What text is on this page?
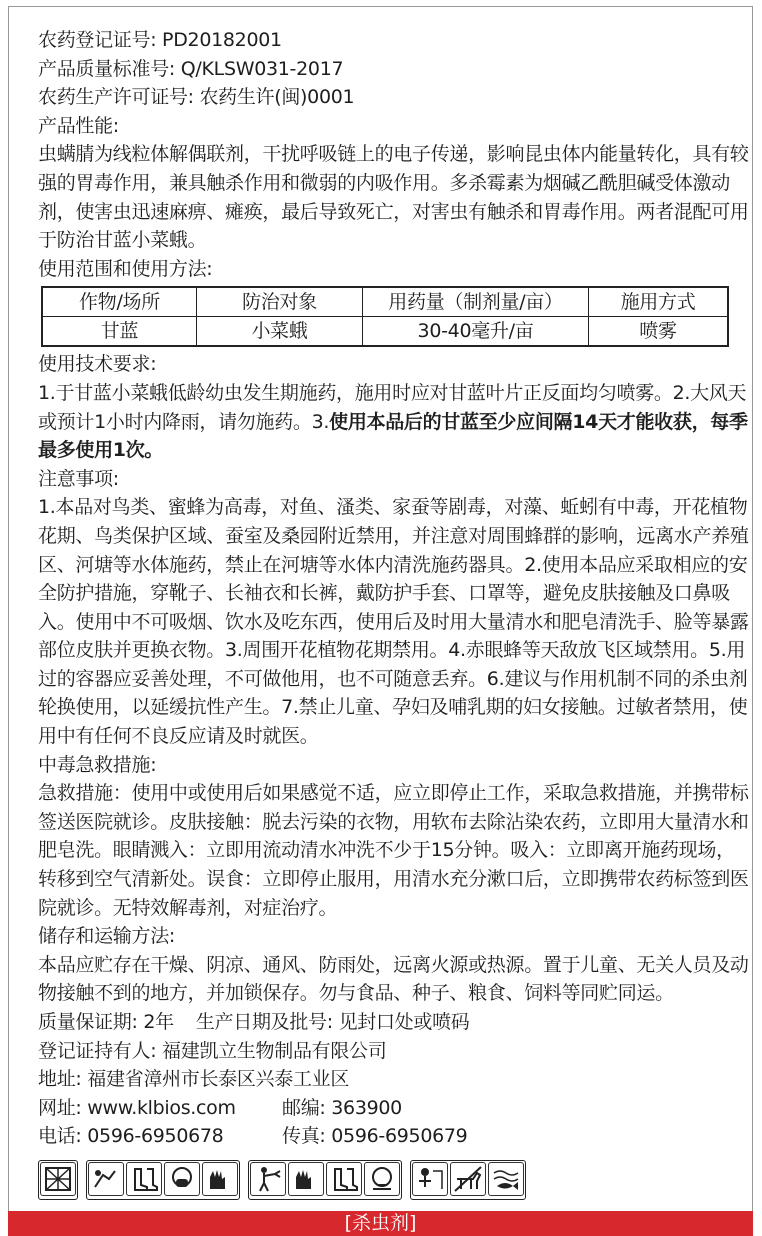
农药登记证号: PD20182001

产品质量标准号: Q/KLSW031-2017

农药生产许可证号: 农药生许(闽)0001

产品性能:

虫螨腈为线粒体解偶联剂，干扰呼吸链上的电子传递，影响昆虫体内能量转化，具有较强的胃毒作用，兼具触杀作用和微弱的内吸作用。多杀霉素为烟碱乙酰胆碱受体激动剂，使害虫迅速麻痹、瘫痪，最后导致死亡，对害虫有触杀和胃毒作用。两者混配可用于防治甘蓝小菜蛾。

使用范围和使用方法:

作物/场所	防治对象	用药量（制剂量/亩）	施用方式
甘蓝	小菜蛾	30-40毫升/亩	喷雾

使用技术要求:

1.于甘蓝小菜蛾低龄幼虫发生期施药，施用时应对甘蓝叶片正反面均匀喷雾。2.大风天或预计1小时内降雨，请勿施药。3.使用本品后的甘蓝至少应间隔14天才能收获，每季最多使用1次。

注意事项:

1.本品对鸟类、蜜蜂为高毒，对鱼、溞类、家蚕等剧毒，对藻、蚯蚓有中毒，开花植物花期、鸟类保护区域、蚕室及桑园附近禁用，并注意对周围蜂群的影响，远离水产养殖区、河塘等水体施药，禁止在河塘等水体内清洗施药器具。2.使用本品应采取相应的安全防护措施，穿靴子、长袖衣和长裤，戴防护手套、口罩等，避免皮肤接触及口鼻吸入。使用中不可吸烟、饮水及吃东西，使用后及时用大量清水和肥皂清洗手、脸等暴露部位皮肤并更换衣物。3.周围开花植物花期禁用。4.赤眼蜂等天敌放飞区域禁用。5.用过的容器应妥善处理，不可做他用，也不可随意丢弃。6.建议与作用机制不同的杀虫剂轮换使用，以延缓抗性产生。7.禁止儿童、孕妇及哺乳期的妇女接触。过敏者禁用，使用中有任何不良反应请及时就医。

中毒急救措施:

急救措施：使用中或使用后如果感觉不适，应立即停止工作，采取急救措施，并携带标签送医院就诊。皮肤接触：脱去污染的衣物，用软布去除沾染农药，立即用大量清水和肥皂洗。眼睛溅入：立即用流动清水冲洗不少于15分钟。吸入：立即离开施药现场，转移到空气清新处。误食：立即停止服用，用清水充分漱口后，立即携带农药标签到医院就诊。无特效解毒剂，对症治疗。

储存和运输方法:

本品应贮存在干燥、阴凉、通风、防雨处，远离火源或热源。置于儿童、无关人员及动物接触不到的地方，并加锁保存。勿与食品、种子、粮食、饲料等同贮同运。

质量保证期: 2年 生产日期及批号: 见封口处或喷码

登记证持有人: 福建凯立生物制品有限公司

地址: 福建省漳州市长泰区兴泰工业区

网址: www.klbios.com	邮编: 363900

电话: 0596-6950678	传真: 0596-6950679

[杀虫剂]
